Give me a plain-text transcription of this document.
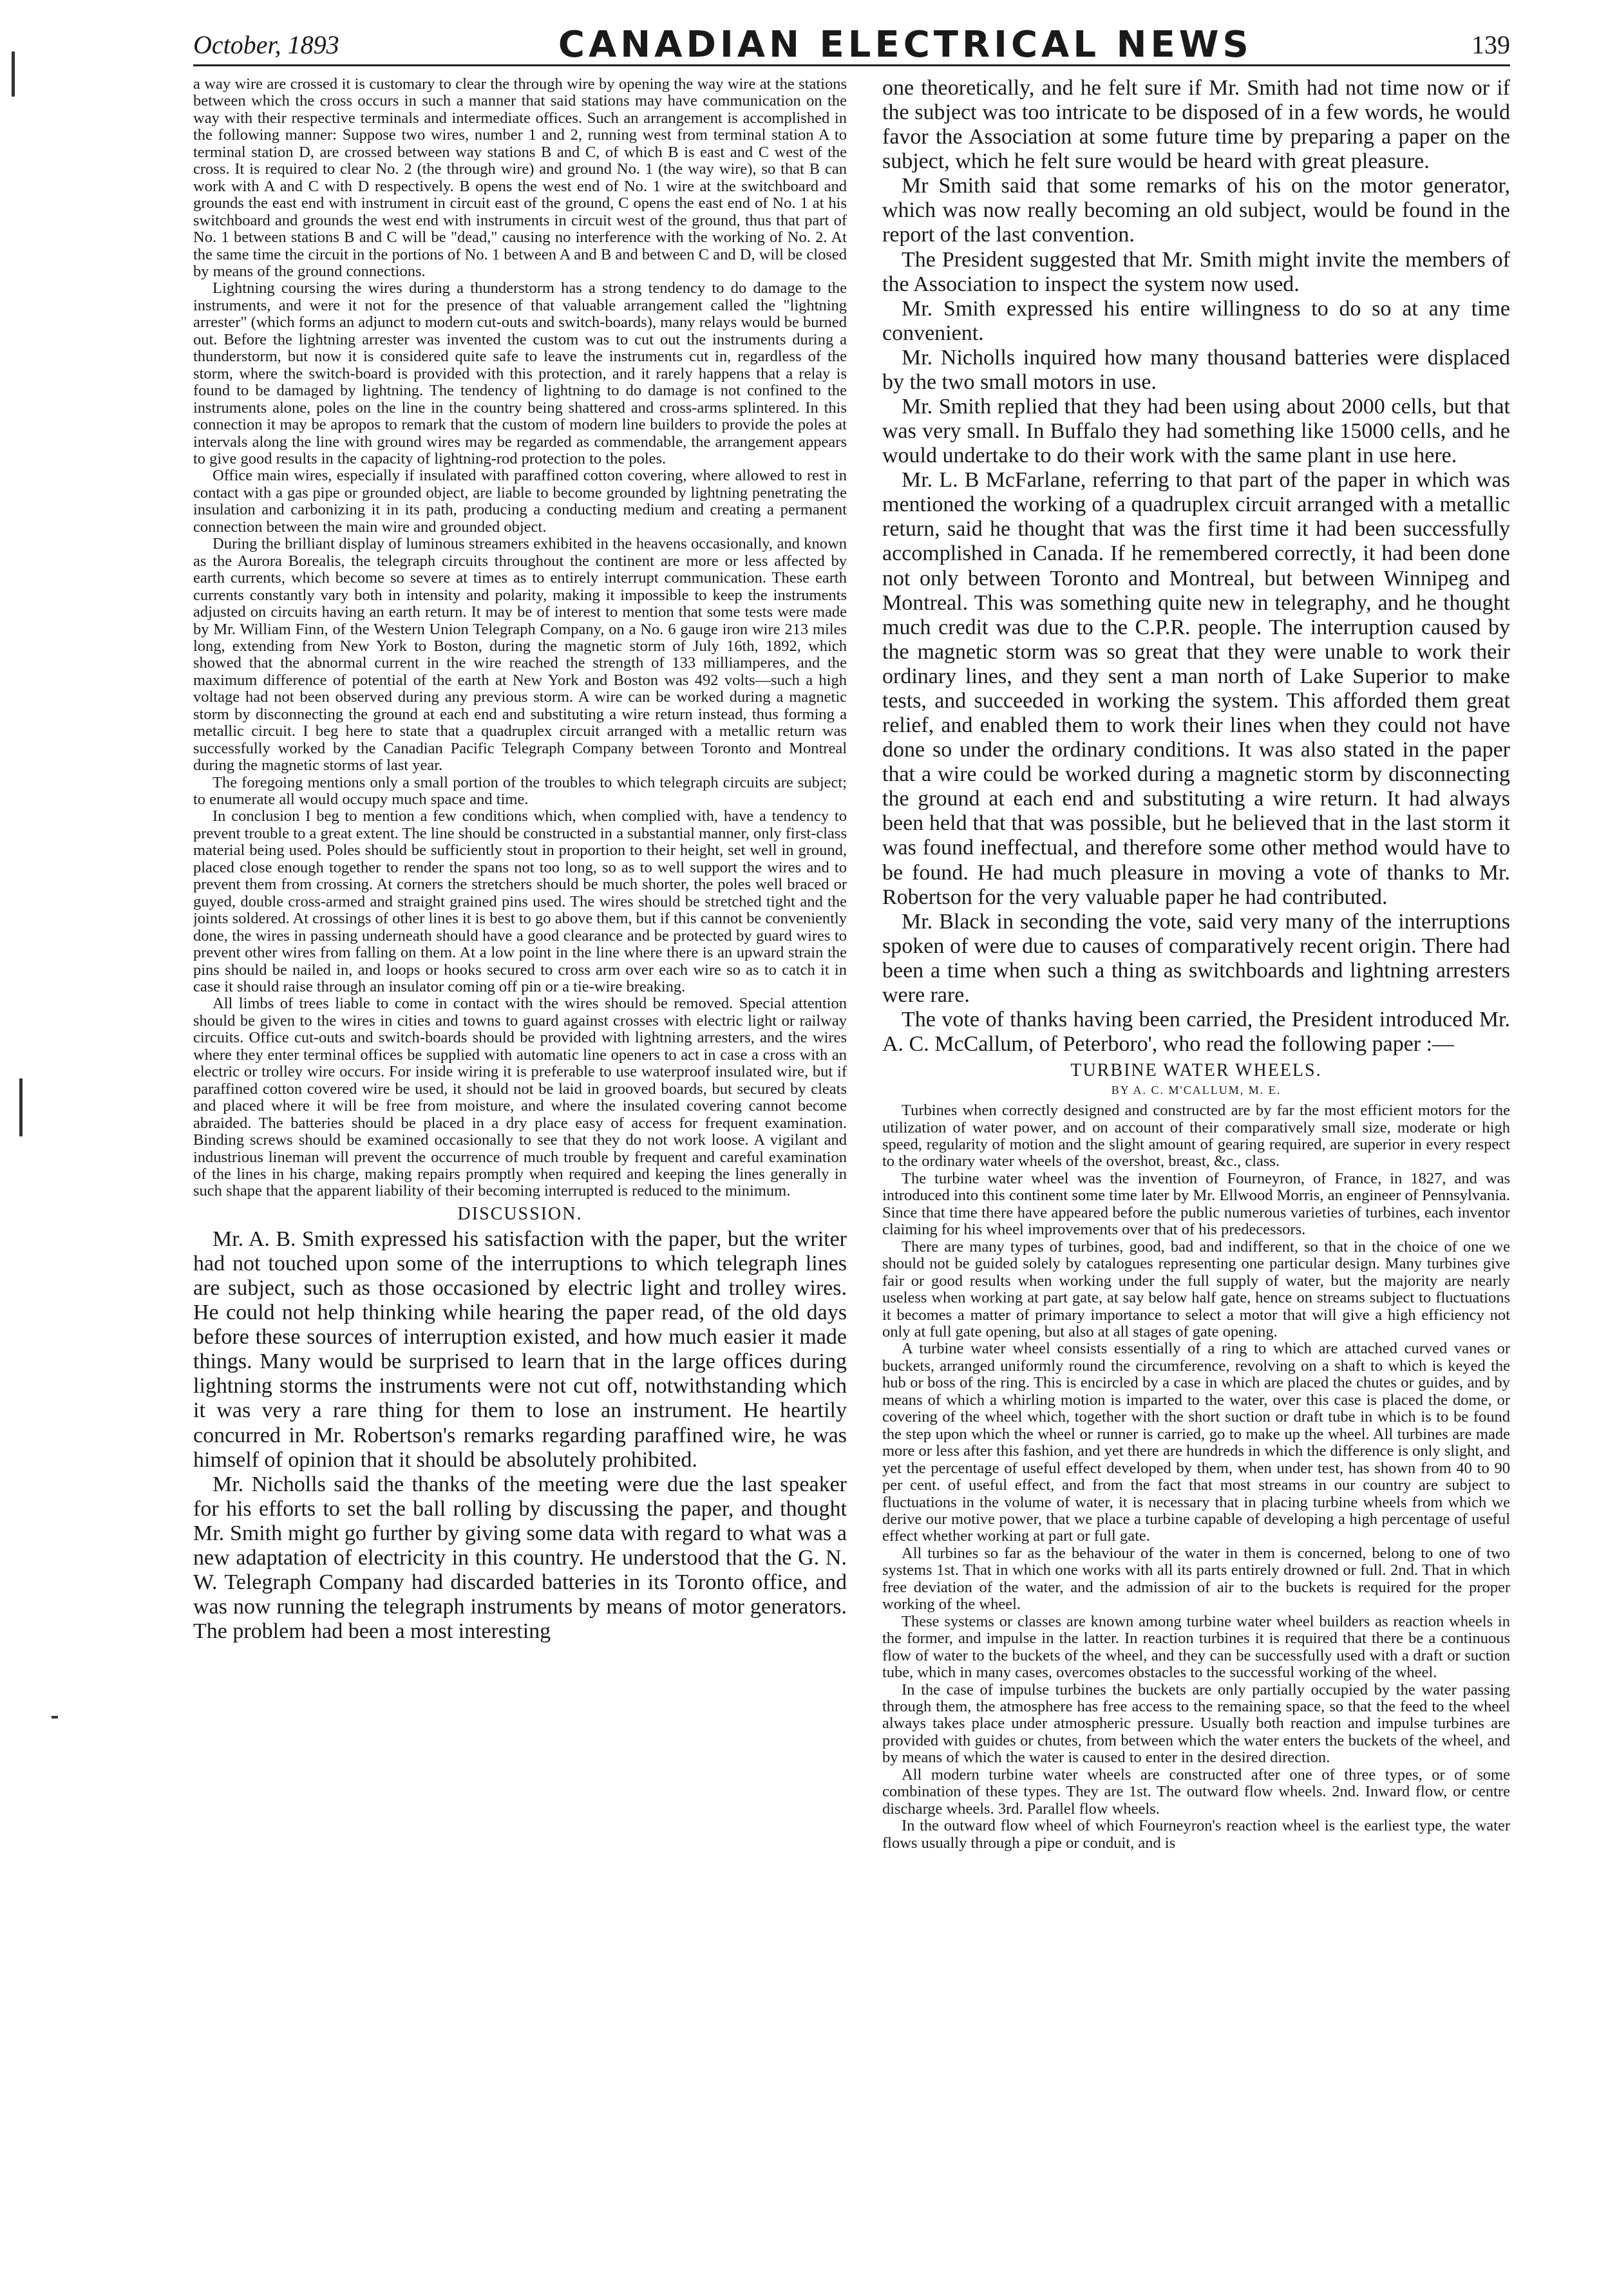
October, 1893	CANADIAN ELECTRICAL NEWS	139

a way wire are crossed it is customary to clear the through wire by opening the way wire at the stations between which the cross occurs in such a manner that said stations may have communication on the way with their respective terminals and intermediate offices. Such an arrangement is accomplished in the following manner: Suppose two wires, number 1 and 2, running west from terminal station A to terminal station D, are crossed between way stations B and C, of which B is east and C west of the cross. It is required to clear No. 2 (the through wire) and ground No. 1 (the way wire), so that B can work with A and C with D respectively. B opens the west end of No. 1 wire at the switchboard and grounds the east end with instrument in circuit east of the ground, C opens the east end of No. 1 at his switchboard and grounds the west end with instruments in circuit west of the ground, thus that part of No. 1 between stations B and C will be "dead," causing no interference with the working of No. 2. At the same time the circuit in the portions of No. 1 between A and B and between C and D, will be closed by means of the ground connections.

Lightning coursing the wires during a thunderstorm has a strong tendency to do damage to the instruments, and were it not for the presence of that valuable arrangement called the "lightning arrester" (which forms an adjunct to modern cut-outs and switch-boards), many relays would be burned out. Before the lightning arrester was invented the custom was to cut out the instruments during a thunderstorm, but now it is considered quite safe to leave the instruments cut in, regardless of the storm, where the switch-board is provided with this protection, and it rarely happens that a relay is found to be damaged by lightning. The tendency of lightning to do damage is not confined to the instruments alone, poles on the line in the country being shattered and cross-arms splintered. In this connection it may be apropos to remark that the custom of modern line builders to provide the poles at intervals along the line with ground wires may be regarded as commendable, the arrangement appears to give good results in the capacity of lightning-rod protection to the poles.

Office main wires, especially if insulated with paraffined cotton covering, where allowed to rest in contact with a gas pipe or grounded object, are liable to become grounded by lightning penetrating the insulation and carbonizing it in its path, producing a conducting medium and creating a permanent connection between the main wire and grounded object.

During the brilliant display of luminous streamers exhibited in the heavens occasionally, and known as the Aurora Borealis, the telegraph circuits throughout the continent are more or less affected by earth currents, which become so severe at times as to entirely interrupt communication. These earth currents constantly vary both in intensity and polarity, making it impossible to keep the instruments adjusted on circuits having an earth return. It may be of interest to mention that some tests were made by Mr. William Finn, of the Western Union Telegraph Company, on a No. 6 gauge iron wire 213 miles long, extending from New York to Boston, during the magnetic storm of July 16th, 1892, which showed that the abnormal current in the wire reached the strength of 133 milliamperes, and the maximum difference of potential of the earth at New York and Boston was 492 volts—such a high voltage had not been observed during any previous storm. A wire can be worked during a magnetic storm by disconnecting the ground at each end and substituting a wire return instead, thus forming a metallic circuit. I beg here to state that a quadruplex circuit arranged with a metallic return was successfully worked by the Canadian Pacific Telegraph Company between Toronto and Montreal during the magnetic storms of last year.

The foregoing mentions only a small portion of the troubles to which telegraph circuits are subject; to enumerate all would occupy much space and time.

In conclusion I beg to mention a few conditions which, when complied with, have a tendency to prevent trouble to a great extent. The line should be constructed in a substantial manner, only first-class material being used. Poles should be sufficiently stout in proportion to their height, set well in ground, placed close enough together to render the spans not too long, so as to well support the wires and to prevent them from crossing. At corners the stretchers should be much shorter, the poles well braced or guyed, double cross-armed and straight grained pins used. The wires should be stretched tight and the joints soldered. At crossings of other lines it is best to go above them, but if this cannot be conveniently done, the wires in passing underneath should have a good clearance and be protected by guard wires to prevent other wires from falling on them. At a low point in the line where there is an upward strain the pins should be nailed in, and loops or hooks secured to cross arm over each wire so as to catch it in case it should raise through an insulator coming off pin or a tie-wire breaking.

All limbs of trees liable to come in contact with the wires should be removed. Special attention should be given to the wires in cities and towns to guard against crosses with electric light or railway circuits. Office cut-outs and switch-boards should be provided with lightning arresters, and the wires where they enter terminal offices be supplied with automatic line openers to act in case a cross with an electric or trolley wire occurs. For inside wiring it is preferable to use waterproof insulated wire, but if paraffined cotton covered wire be used, it should not be laid in grooved boards, but secured by cleats and placed where it will be free from moisture, and where the insulated covering cannot become abraided. The batteries should be placed in a dry place easy of access for frequent examination. Binding screws should be examined occasionally to see that they do not work loose. A vigilant and industrious lineman will prevent the occurrence of much trouble by frequent and careful examination of the lines in his charge, making repairs promptly when required and keeping the lines generally in such shape that the apparent liability of their becoming interrupted is reduced to the minimum.

DISCUSSION.

Mr. A. B. Smith expressed his satisfaction with the paper, but the writer had not touched upon some of the interruptions to which telegraph lines are subject, such as those occasioned by electric light and trolley wires. He could not help thinking while hearing the paper read, of the old days before these sources of interruption existed, and how much easier it made things. Many would be surprised to learn that in the large offices during lightning storms the instruments were not cut off, notwithstanding which it was very a rare thing for them to lose an instrument. He heartily concurred in Mr. Robertson's remarks regarding paraffined wire, he was himself of opinion that it should be absolutely prohibited.

Mr. Nicholls said the thanks of the meeting were due the last speaker for his efforts to set the ball rolling by discussing the paper, and thought Mr. Smith might go further by giving some data with regard to what was a new adaptation of electricity in this country. He understood that the G. N. W. Telegraph Company had discarded batteries in its Toronto office, and was now running the telegraph instruments by means of motor generators. The problem had been a most interesting

one theoretically, and he felt sure if Mr. Smith had not time now or if the subject was too intricate to be disposed of in a few words, he would favor the Association at some future time by preparing a paper on the subject, which he felt sure would be heard with great pleasure.

Mr Smith said that some remarks of his on the motor generator, which was now really becoming an old subject, would be found in the report of the last convention.

The President suggested that Mr. Smith might invite the members of the Association to inspect the system now used.

Mr. Smith expressed his entire willingness to do so at any time convenient.

Mr. Nicholls inquired how many thousand batteries were displaced by the two small motors in use.

Mr. Smith replied that they had been using about 2000 cells, but that was very small. In Buffalo they had something like 15000 cells, and he would undertake to do their work with the same plant in use here.

Mr. L. B McFarlane, referring to that part of the paper in which was mentioned the working of a quadruplex circuit arranged with a metallic return, said he thought that was the first time it had been successfully accomplished in Canada. If he remembered correctly, it had been done not only between Toronto and Montreal, but between Winnipeg and Montreal. This was something quite new in telegraphy, and he thought much credit was due to the C.P.R. people. The interruption caused by the magnetic storm was so great that they were unable to work their ordinary lines, and they sent a man north of Lake Superior to make tests, and succeeded in working the system. This afforded them great relief, and enabled them to work their lines when they could not have done so under the ordinary conditions. It was also stated in the paper that a wire could be worked during a magnetic storm by disconnecting the ground at each end and substituting a wire return. It had always been held that that was possible, but he believed that in the last storm it was found ineffectual, and therefore some other method would have to be found. He had much pleasure in moving a vote of thanks to Mr. Robertson for the very valuable paper he had contributed.

Mr. Black in seconding the vote, said very many of the interruptions spoken of were due to causes of comparatively recent origin. There had been a time when such a thing as switchboards and lightning arresters were rare.

The vote of thanks having been carried, the President introduced Mr. A. C. McCallum, of Peterboro', who read the following paper :—

TURBINE WATER WHEELS.
BY A. C. M'CALLUM, M. E.

Turbines when correctly designed and constructed are by far the most efficient motors for the utilization of water power, and on account of their comparatively small size, moderate or high speed, regularity of motion and the slight amount of gearing required, are superior in every respect to the ordinary water wheels of the overshot, breast, &c., class.

The turbine water wheel was the invention of Fourneyron, of France, in 1827, and was introduced into this continent some time later by Mr. Ellwood Morris, an engineer of Pennsylvania. Since that time there have appeared before the public numerous varieties of turbines, each inventor claiming for his wheel improvements over that of his predecessors.

There are many types of turbines, good, bad and indifferent, so that in the choice of one we should not be guided solely by catalogues representing one particular design. Many turbines give fair or good results when working under the full supply of water, but the majority are nearly useless when working at part gate, at say below half gate, hence on streams subject to fluctuations it becomes a matter of primary importance to select a motor that will give a high efficiency not only at full gate opening, but also at all stages of gate opening.

A turbine water wheel consists essentially of a ring to which are attached curved vanes or buckets, arranged uniformly round the circumference, revolving on a shaft to which is keyed the hub or boss of the ring. This is encircled by a case in which are placed the chutes or guides, and by means of which a whirling motion is imparted to the water, over this case is placed the dome, or covering of the wheel which, together with the short suction or draft tube in which is to be found the step upon which the wheel or runner is carried, go to make up the wheel. All turbines are made more or less after this fashion, and yet there are hundreds in which the difference is only slight, and yet the percentage of useful effect developed by them, when under test, has shown from 40 to 90 per cent. of useful effect, and from the fact that most streams in our country are subject to fluctuations in the volume of water, it is necessary that in placing turbine wheels from which we derive our motive power, that we place a turbine capable of developing a high percentage of useful effect whether working at part or full gate.

All turbines so far as the behaviour of the water in them is concerned, belong to one of two systems 1st. That in which one works with all its parts entirely drowned or full. 2nd. That in which free deviation of the water, and the admission of air to the buckets is required for the proper working of the wheel.

These systems or classes are known among turbine water wheel builders as reaction wheels in the former, and impulse in the latter. In reaction turbines it is required that there be a continuous flow of water to the buckets of the wheel, and they can be successfully used with a draft or suction tube, which in many cases, overcomes obstacles to the successful working of the wheel.

In the case of impulse turbines the buckets are only partially occupied by the water passing through them, the atmosphere has free access to the remaining space, so that the feed to the wheel always takes place under atmospheric pressure. Usually both reaction and impulse turbines are provided with guides or chutes, from between which the water enters the buckets of the wheel, and by means of which the water is caused to enter in the desired direction.

All modern turbine water wheels are constructed after one of three types, or of some combination of these types. They are 1st. The outward flow wheels. 2nd. Inward flow, or centre discharge wheels. 3rd. Parallel flow wheels.

In the outward flow wheel of which Fourneyron's reaction wheel is the earliest type, the water flows usually through a pipe or conduit, and is
